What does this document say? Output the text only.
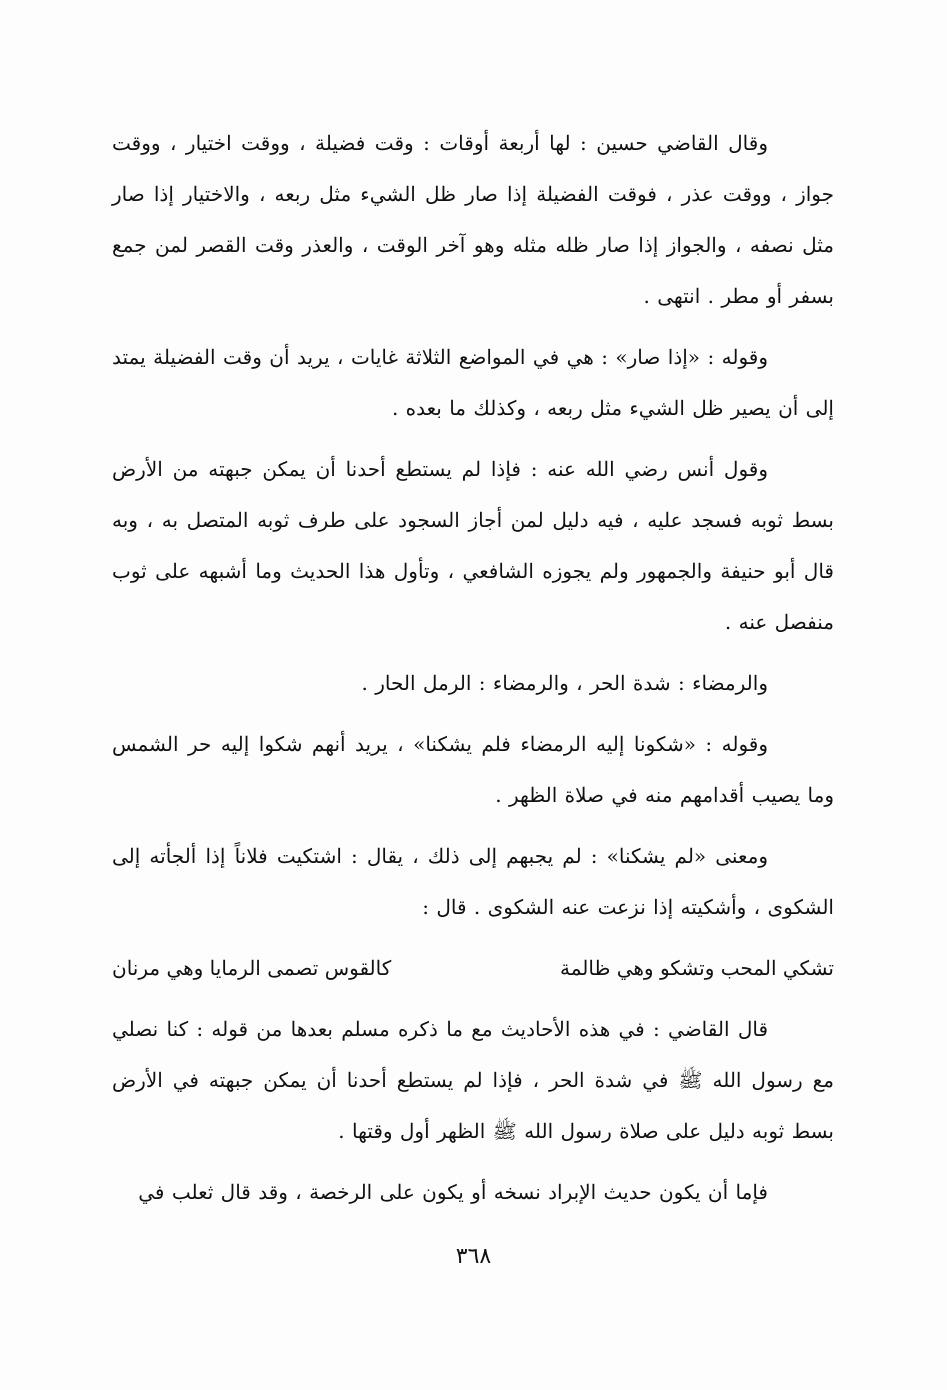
وقال القاضي حسين : لها أربعة أوقات : وقت فضيلة ، ووقت اختيار ، ووقت جواز ، ووقت عذر ، فوقت الفضيلة إذا صار ظل الشيء مثل ربعه ، والاختيار إذا صار مثل نصفه ، والجواز إذا صار ظله مثله وهو آخر الوقت ، والعذر وقت القصر لمن جمع بسفر أو مطر . انتهى .

وقوله : «إذا صار» : هي في المواضع الثلاثة غايات ، يريد أن وقت الفضيلة يمتد إلى أن يصير ظل الشيء مثل ربعه ، وكذلك ما بعده .

وقول أنس رضي الله عنه : فإذا لم يستطع أحدنا أن يمكن جبهته من الأرض بسط ثوبه فسجد عليه ، فيه دليل لمن أجاز السجود على طرف ثوبه المتصل به ، وبه قال أبو حنيفة والجمهور ولم يجوزه الشافعي ، وتأول هذا الحديث وما أشبهه على ثوب منفصل عنه .

والرمضاء : شدة الحر ، والرمضاء : الرمل الحار .

وقوله : «شكونا إليه الرمضاء فلم يشكنا» ، يريد أنهم شكوا إليه حر الشمس وما يصيب أقدامهم منه في صلاة الظهر .

ومعنى «لم يشكنا» : لم يجبهم إلى ذلك ، يقال : اشتكيت فلاناً إذا ألجأته إلى الشكوى ، وأشكيته إذا نزعت عنه الشكوى . قال :

تشكي المحب وتشكو وهي ظالمة
كالقوس تصمى الرمايا وهي مرنان

قال القاضي : في هذه الأحاديث مع ما ذكره مسلم بعدها من قوله : كنا نصلي مع رسول الله ﷺ في شدة الحر ، فإذا لم يستطع أحدنا أن يمكن جبهته في الأرض بسط ثوبه دليل على صلاة رسول الله ﷺ الظهر أول وقتها .

فإما أن يكون حديث الإبراد نسخه أو يكون على الرخصة ، وقد قال ثعلب في

٣٦٨
